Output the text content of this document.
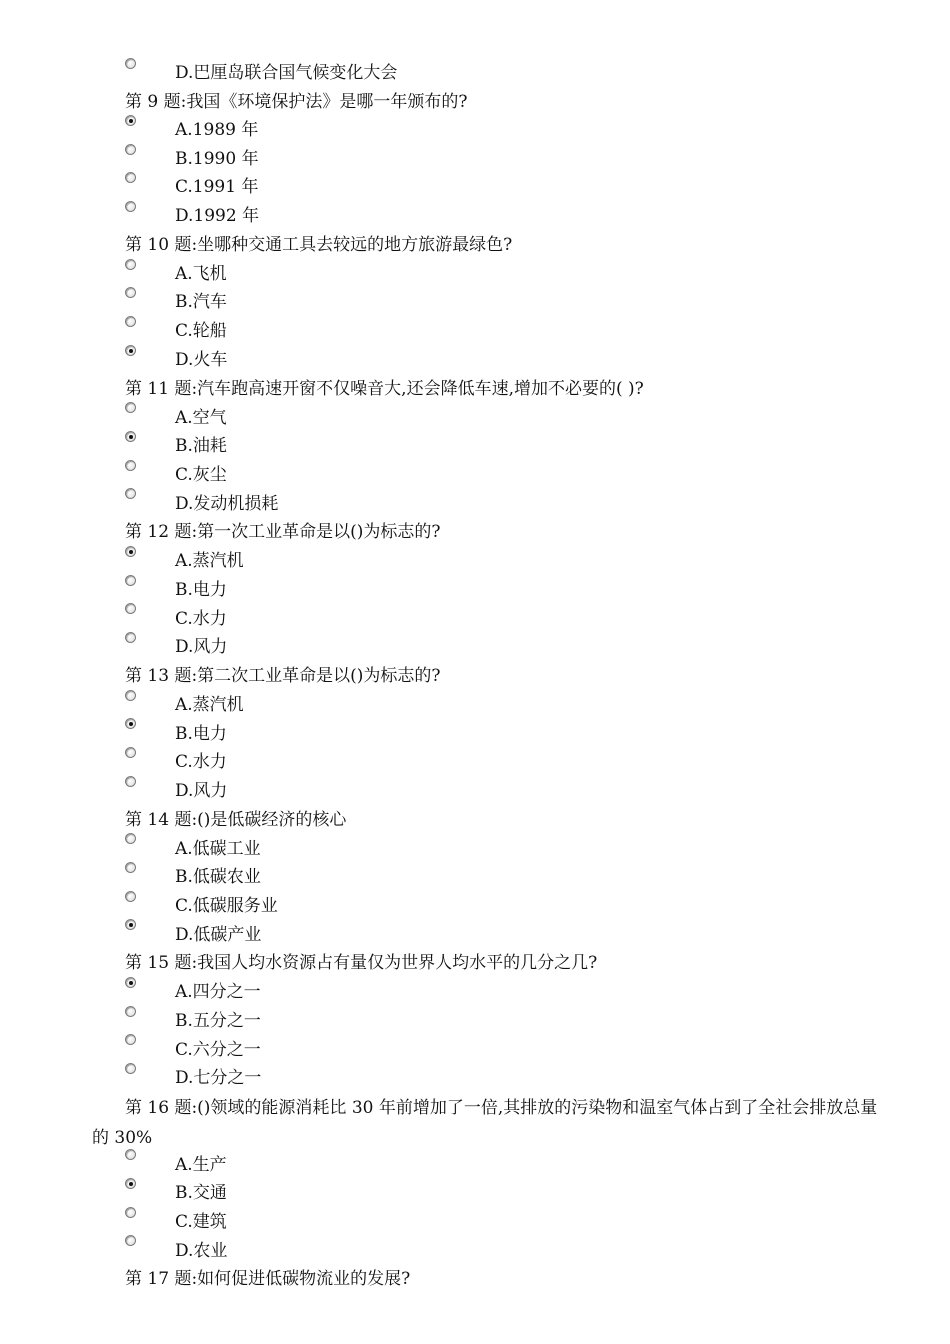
D.巴厘岛联合国气候变化大会
第 9 题:我国《环境保护法》是哪一年颁布的?
A.1989 年
B.1990 年
C.1991 年
D.1992 年
第 10 题:坐哪种交通工具去较远的地方旅游最绿色?
A.飞机
B.汽车
C.轮船
D.火车
第 11 题:汽车跑高速开窗不仅噪音大,还会降低车速,增加不必要的( )?
A.空气
B.油耗
C.灰尘
D.发动机损耗
第 12 题:第一次工业革命是以()为标志的?
A.蒸汽机
B.电力
C.水力
D.风力
第 13 题:第二次工业革命是以()为标志的?
A.蒸汽机
B.电力
C.水力
D.风力
第 14 题:()是低碳经济的核心
A.低碳工业
B.低碳农业
C.低碳服务业
D.低碳产业
第 15 题:我国人均水资源占有量仅为世界人均水平的几分之几?
A.四分之一
B.五分之一
C.六分之一
D.七分之一
第 16 题:()领域的能源消耗比 30 年前增加了一倍,其排放的污染物和温室气体占到了全社会排放总量的 30%
A.生产
B.交通
C.建筑
D.农业
第 17 题:如何促进低碳物流业的发展?
